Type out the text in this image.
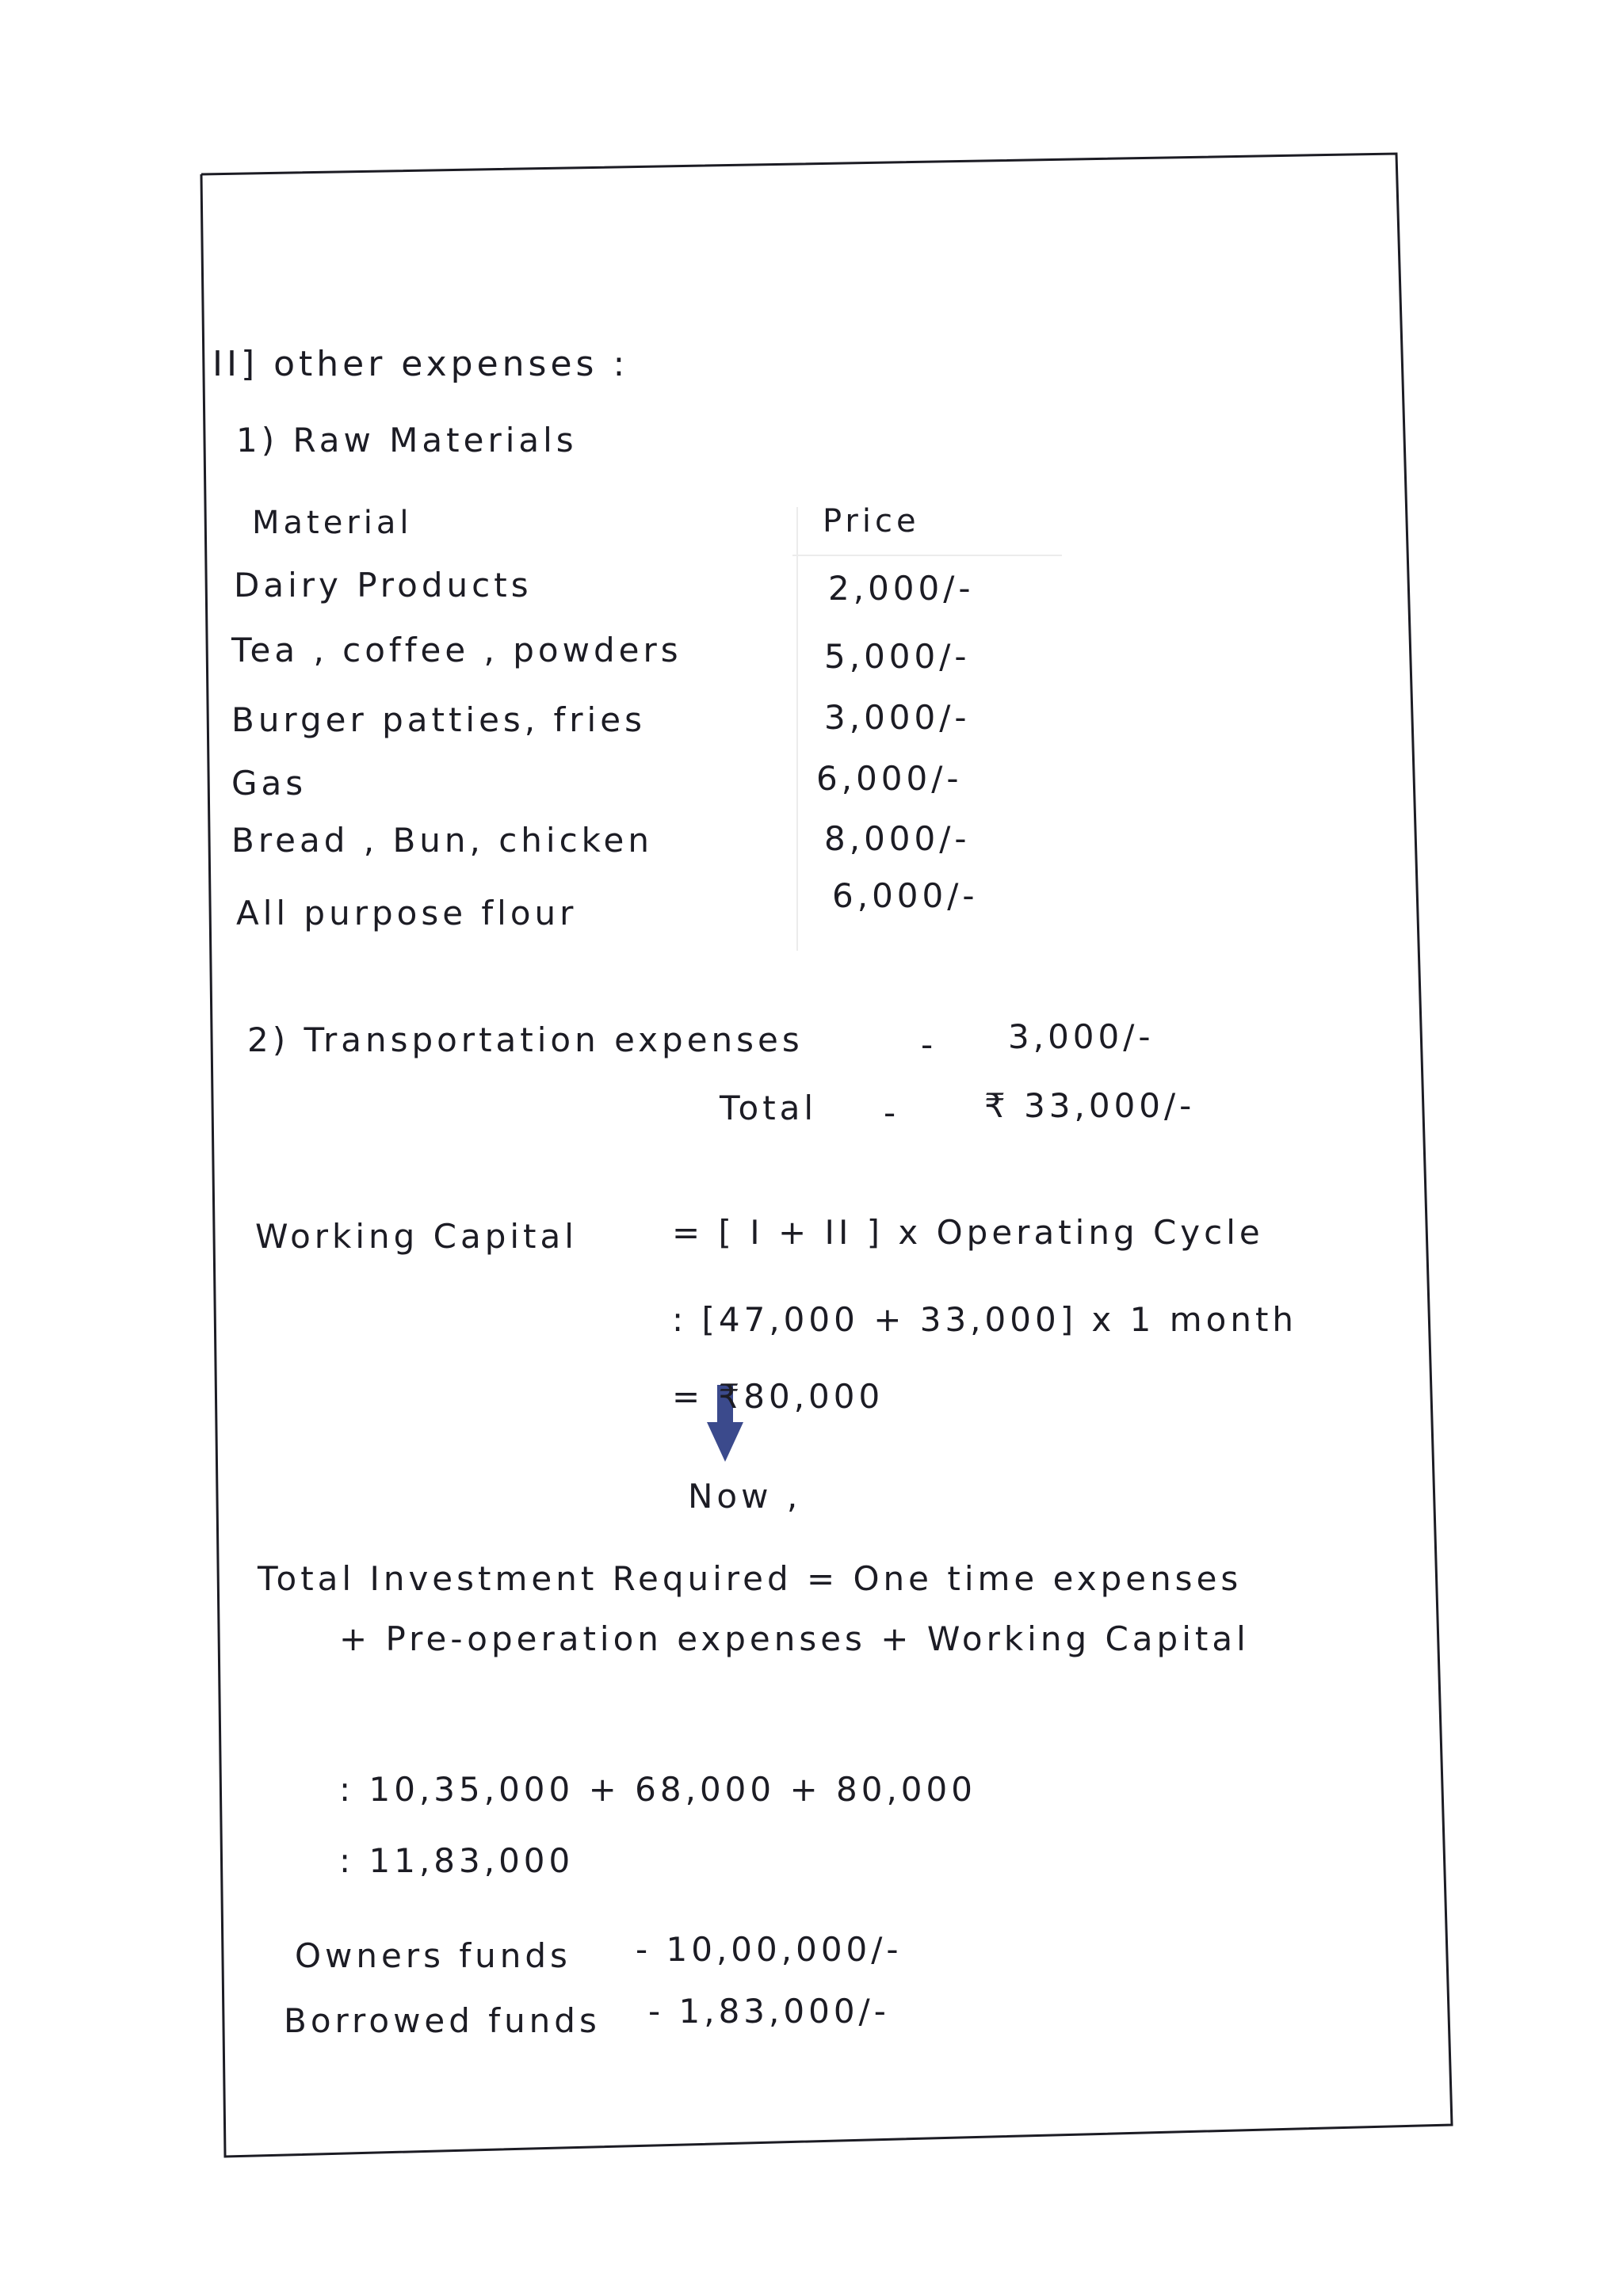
II] other expenses :
1) Raw Materials
Material	Price
Dairy Products	2,000/-
Tea , coffee , powders	5,000/-
Burger patties, fries	3,000/-
Gas	6,000/-
Bread , Bun, chicken	8,000/-
All purpose flour	6,000/-
2) Transportation expenses	- 3,000/-
Total -	₹ 33,000/-
Working Capital	= [ I + II ] x Operating Cycle
: [47,000 + 33,000] x 1 month
= ₹80,000
Now ,
Total Investment Required = One time expenses
+ Pre-operation expenses + Working Capital
: 10,35,000 + 68,000 + 80,000
: 11,83,000
Owners funds - 10,00,000/-
Borrowed funds - 1,83,000/-
